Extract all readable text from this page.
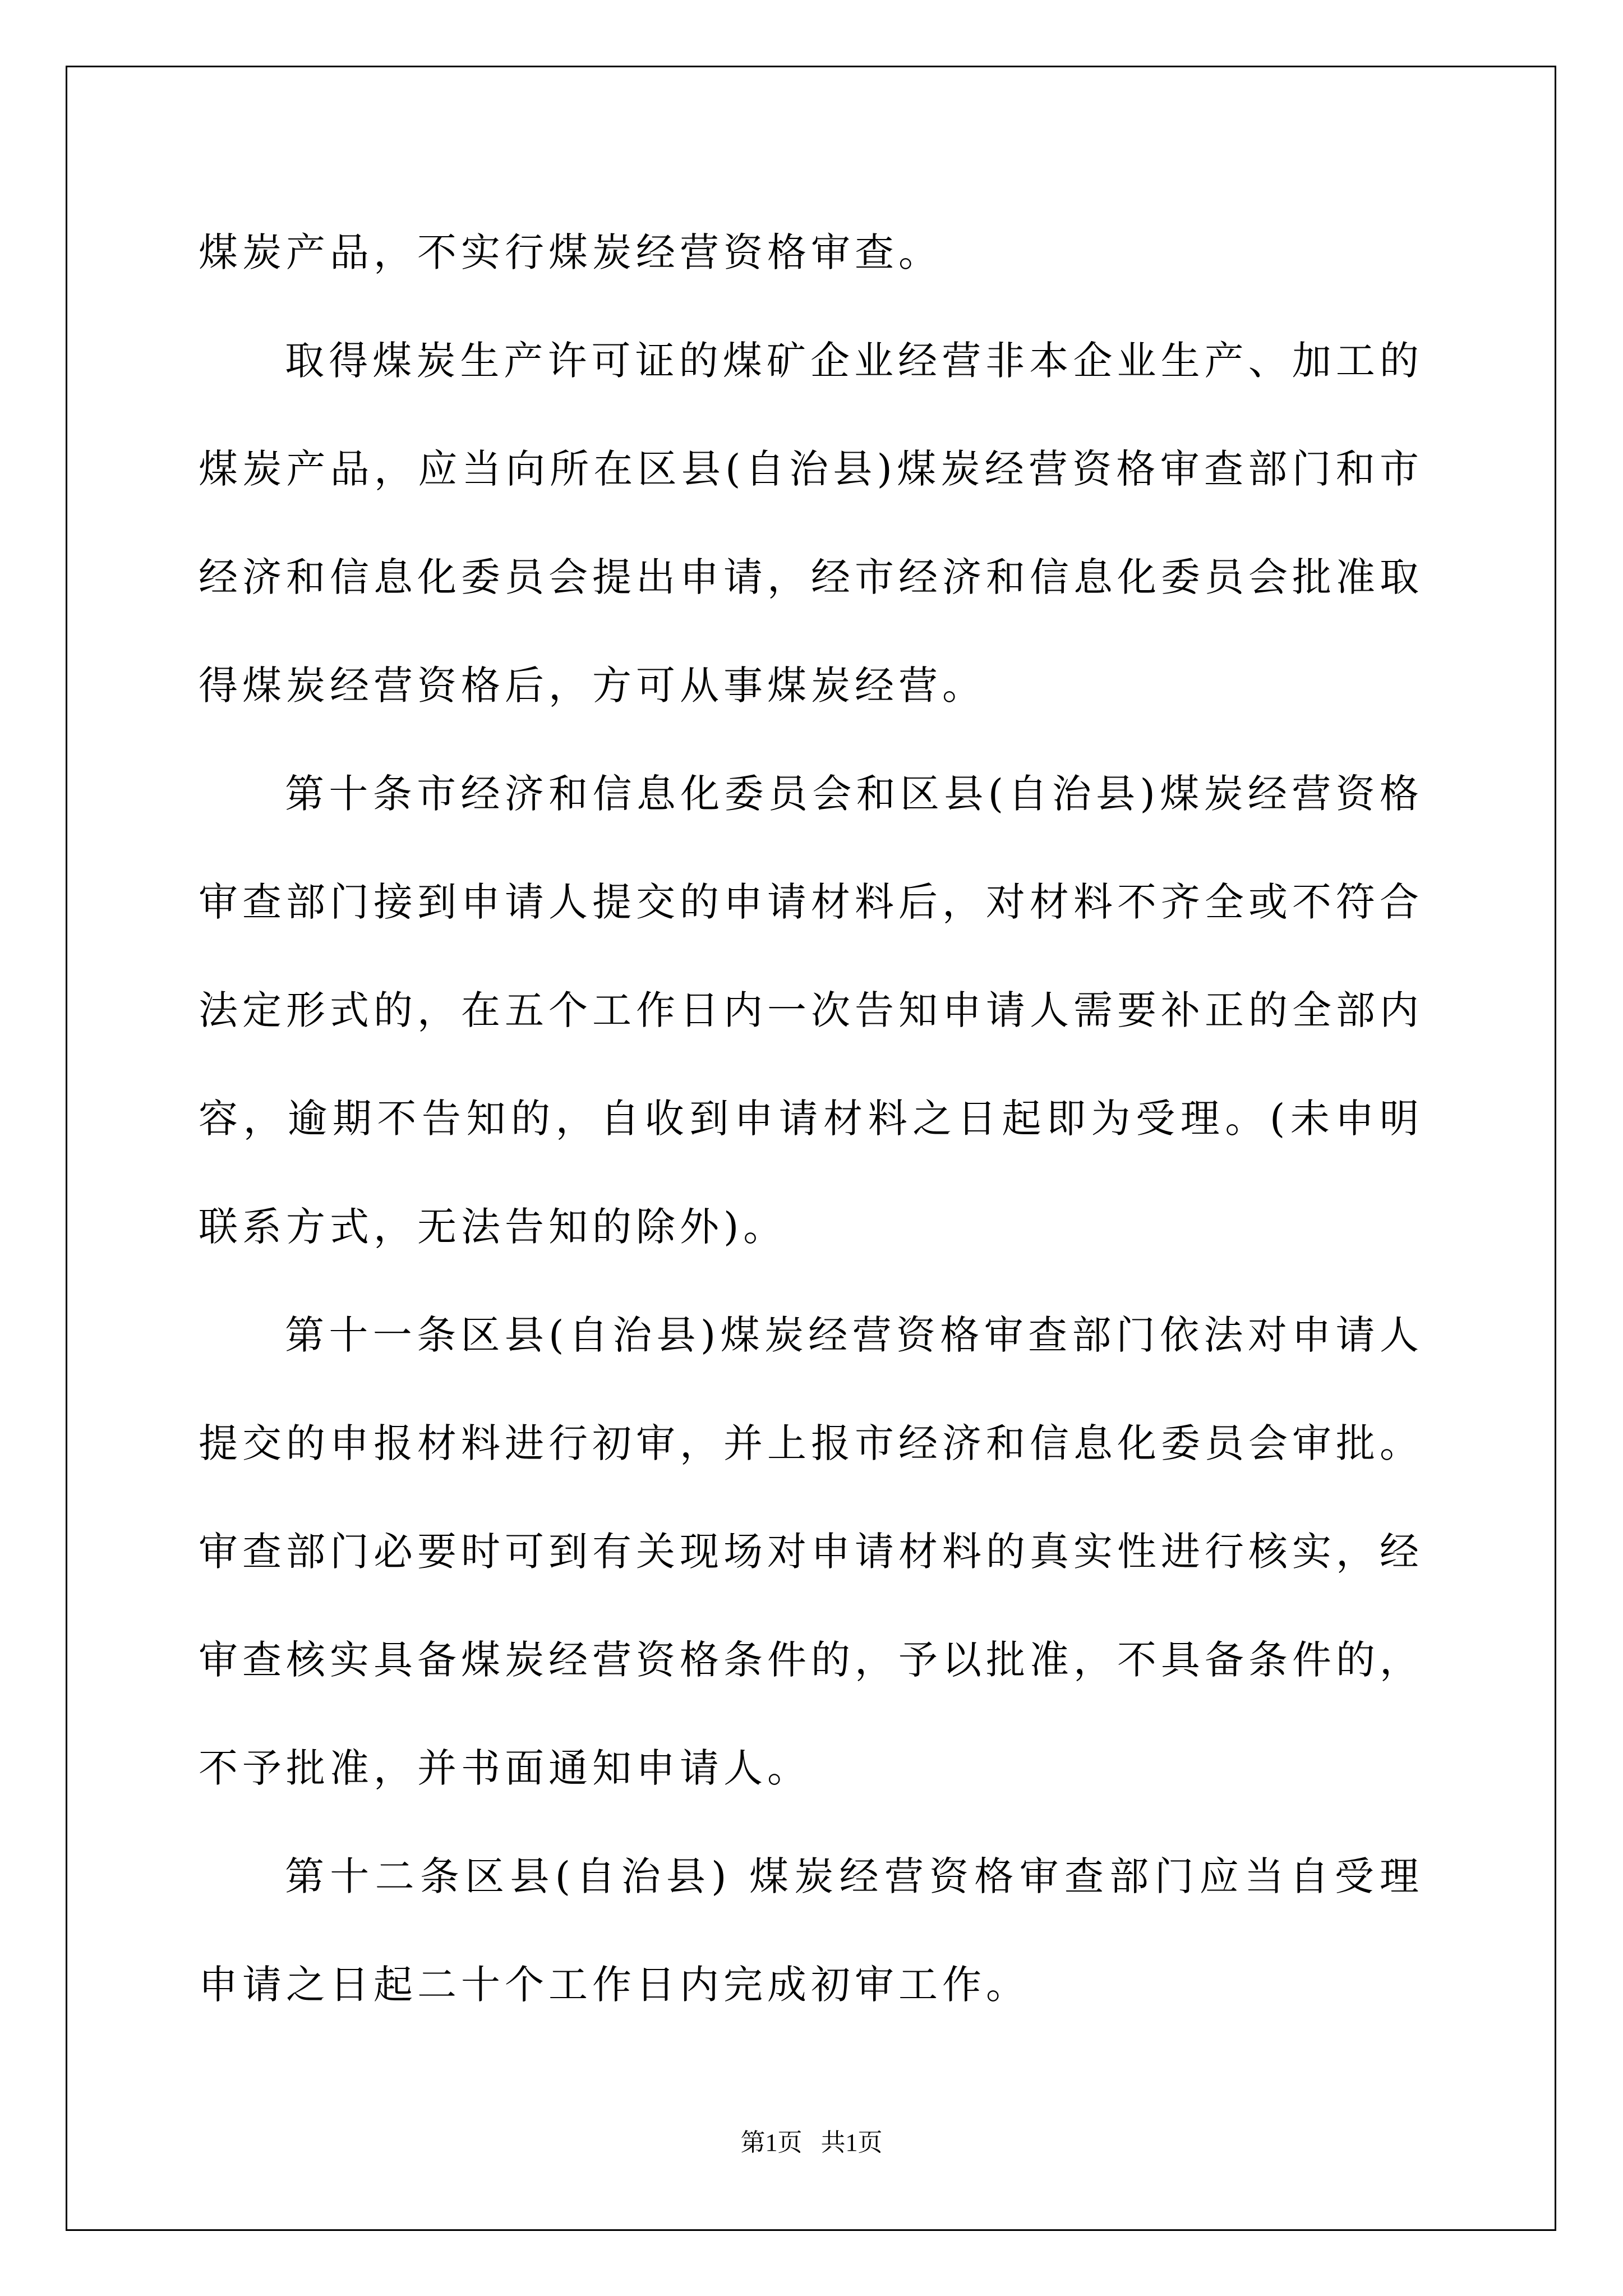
煤炭产品，不实行煤炭经营资格审查。

取得煤炭生产许可证的煤矿企业经营非本企业生产、加工的煤炭产品，应当向所在区县(自治县)煤炭经营资格审查部门和市经济和信息化委员会提出申请，经市经济和信息化委员会批准取得煤炭经营资格后，方可从事煤炭经营。

第十条市经济和信息化委员会和区县(自治县)煤炭经营资格审查部门接到申请人提交的申请材料后，对材料不齐全或不符合法定形式的，在五个工作日内一次告知申请人需要补正的全部内容，逾期不告知的，自收到申请材料之日起即为受理。(未申明联系方式，无法告知的除外)。

第十一条区县(自治县)煤炭经营资格审查部门依法对申请人提交的申报材料进行初审，并上报市经济和信息化委员会审批。审查部门必要时可到有关现场对申请材料的真实性进行核实，经审查核实具备煤炭经营资格条件的，予以批准，不具备条件的，不予批准，并书面通知申请人。

第十二条区县(自治县) 煤炭经营资格审查部门应当自受理申请之日起二十个工作日内完成初审工作。

第1页   共1页
